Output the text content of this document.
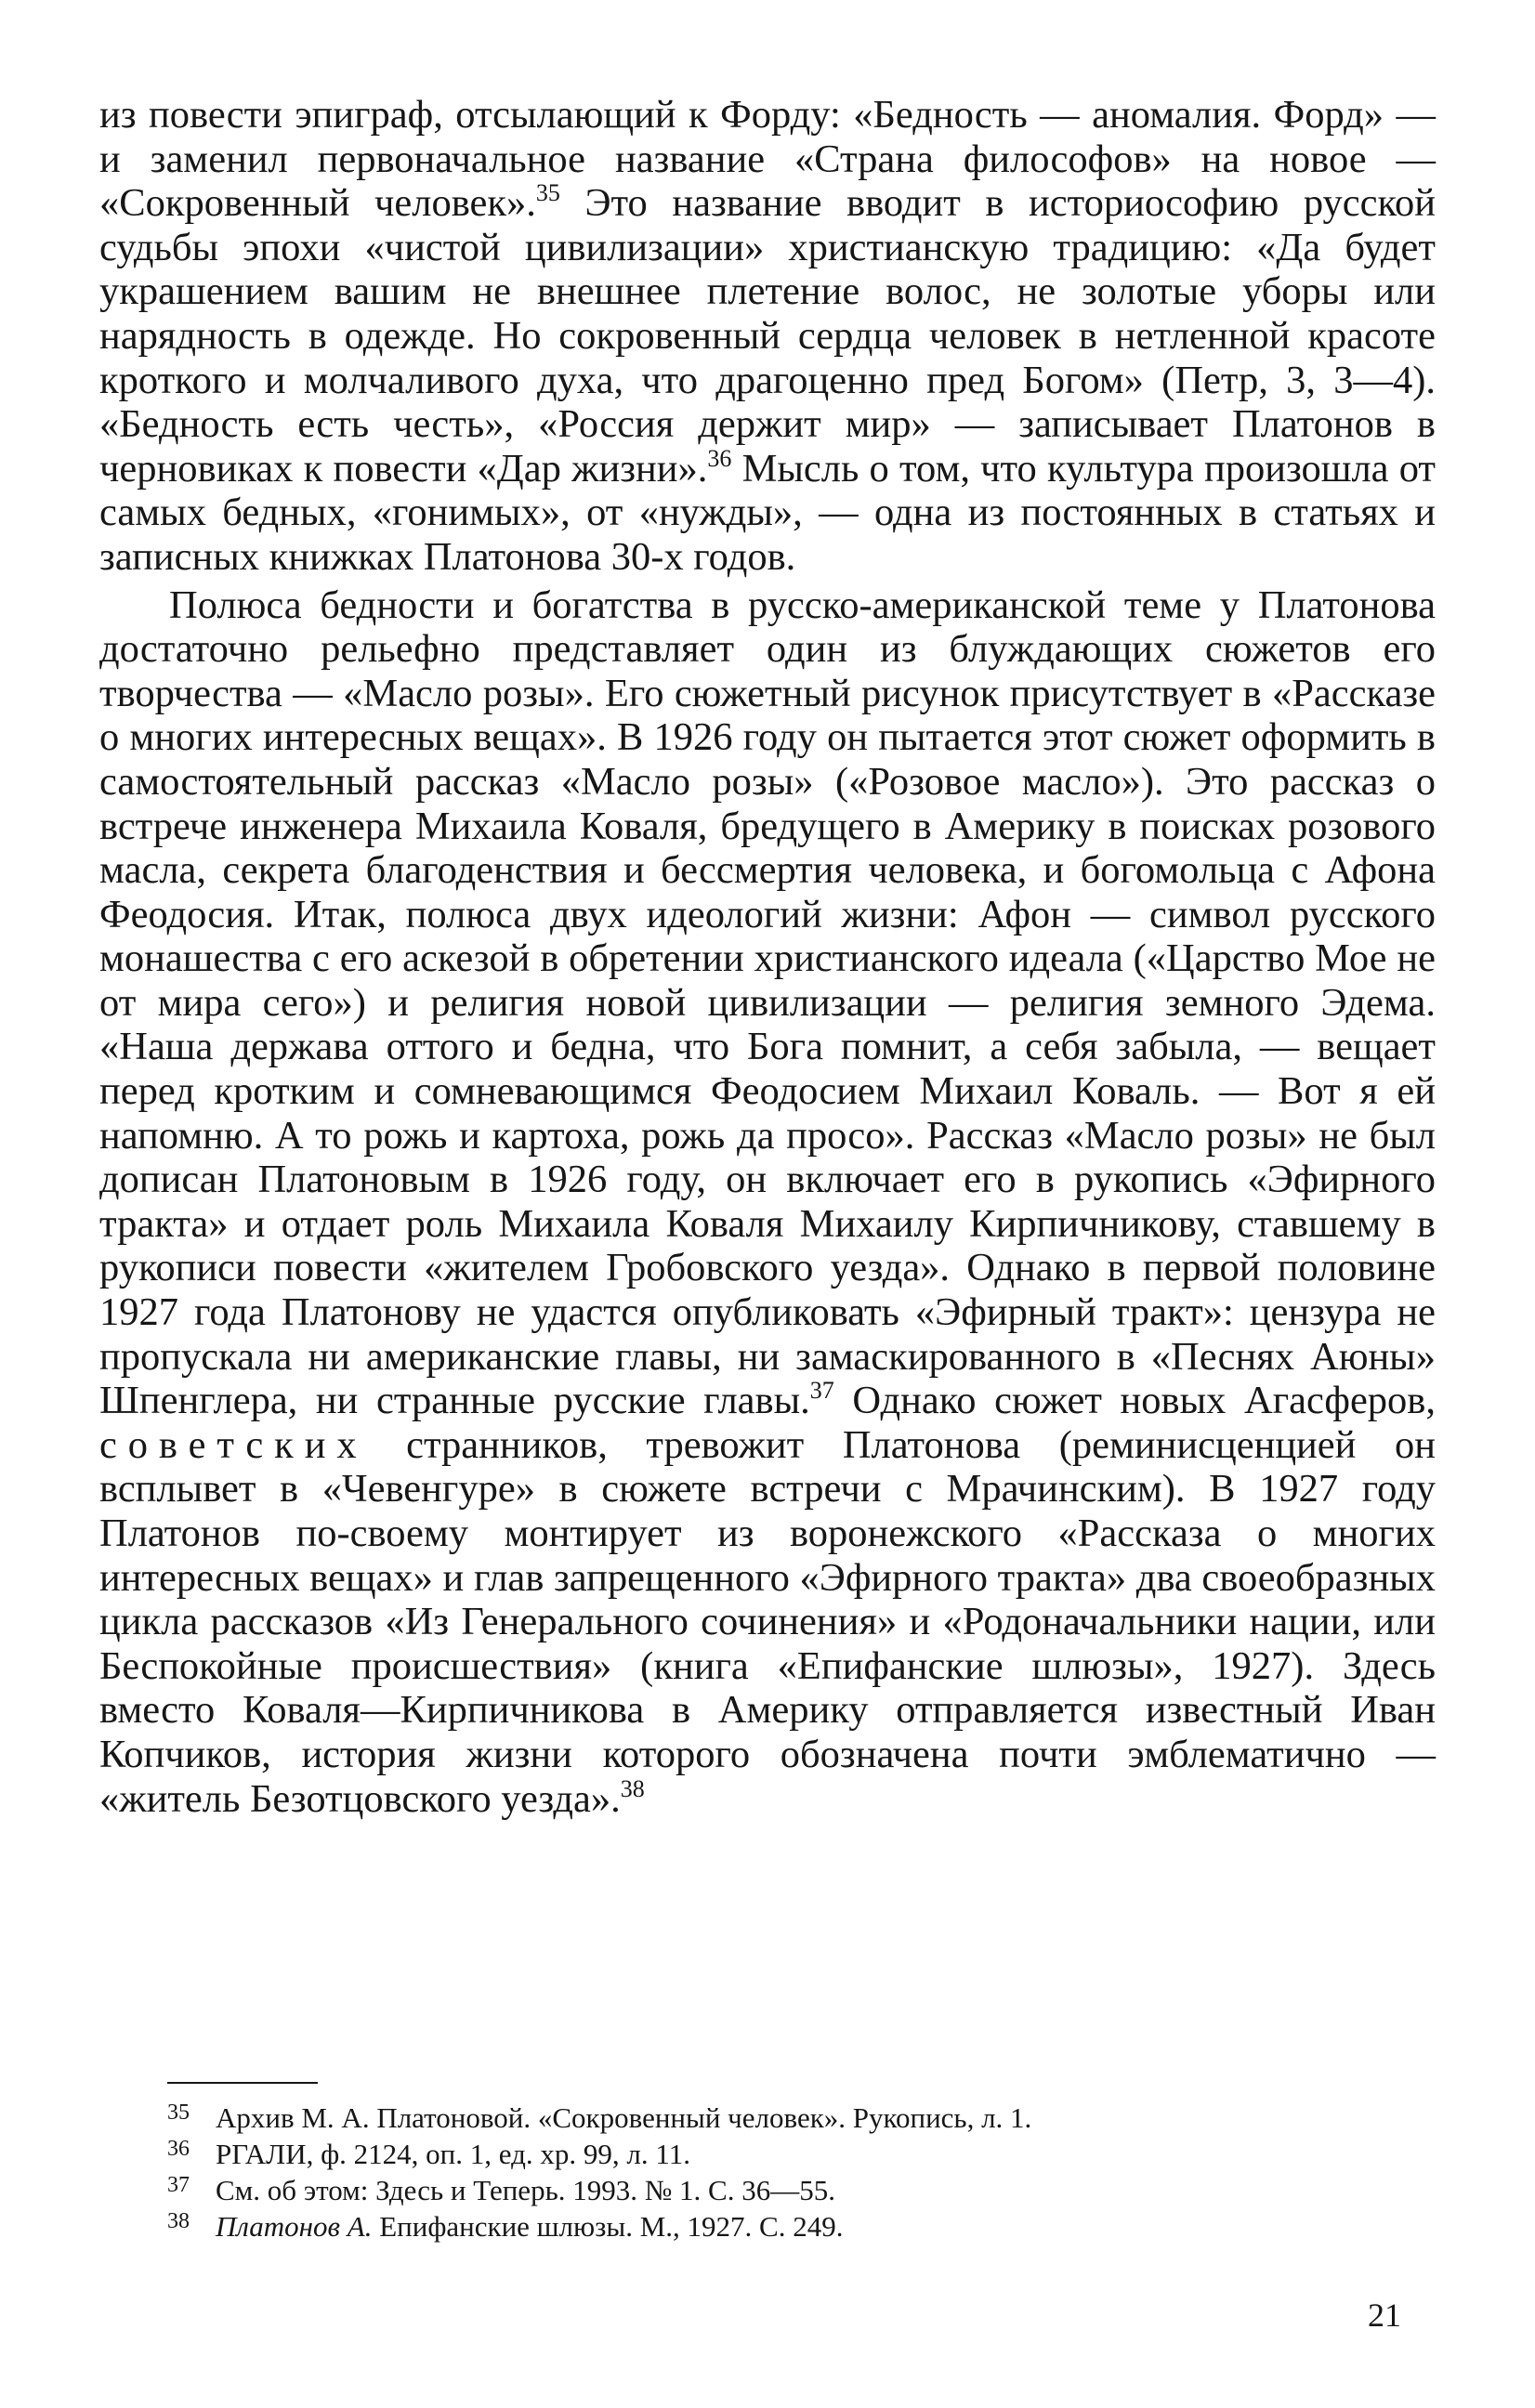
из повести эпиграф, отсылающий к Форду: «Бедность — аномалия. Форд» — и заменил первоначальное название «Страна философов» на новое — «Сокровенный человек».$^{35}$ Это название вводит в историософию русской судьбы эпохи «чистой цивилизации» христианскую традицию: «Да будет украшением вашим не внешнее плетение волос, не золотые уборы или нарядность в одежде. Но сокровенный сердца человек в нетленной красоте кроткого и молчаливого духа, что драгоценно пред Богом» (Петр, 3, 3—4). «Бедность есть честь», «Россия держит мир» — записывает Платонов в черновиках к повести «Дар жизни».$^{36}$ Мысль о том, что культура произошла от самых бедных, «гонимых», от «нужды», — одна из постоянных в статьях и записных книжках Платонова 30-х годов.

Полюса бедности и богатства в русско-американской теме у Платонова достаточно рельефно представляет один из блуждающих сюжетов его творчества — «Масло розы». Его сюжетный рисунок присутствует в «Рассказе о многих интересных вещах». В 1926 году он пытается этот сюжет оформить в самостоятельный рассказ «Масло розы» («Розовое масло»). Это рассказ о встрече инженера Михаила Коваля, бредущего в Америку в поисках розового масла, секрета благоденствия и бессмертия человека, и богомольца с Афона Феодосия. Итак, полюса двух идеологий жизни: Афон — символ русского монашества с его аскезой в обретении христианского идеала («Царство Мое не от мира сего») и религия новой цивилизации — религия земного Эдема. «Наша держава оттого и бедна, что Бога помнит, а себя забыла, — вещает перед кротким и сомневающимся Феодосием Михаил Коваль. — Вот я ей напомню. А то рожь и картоха, рожь да просо». Рассказ «Масло розы» не был дописан Платоновым в 1926 году, он включает его в рукопись «Эфирного тракта» и отдает роль Михаила Коваля Михаилу Кирпичникову, ставшему в рукописи повести «жителем Гробовского уезда». Однако в первой половине 1927 года Платонову не удастся опубликовать «Эфирный тракт»: цензура не пропускала ни американские главы, ни замаскированного в «Песнях Аюны» Шпенглера, ни странные русские главы.$^{37}$ Однако сюжет новых Агасферов, советских странников, тревожит Платонова (реминисценцией он всплывет в «Чевенгуре» в сюжете встречи с Мрачинским). В 1927 году Платонов по-своему монтирует из воронежского «Рассказа о многих интересных вещах» и глав запрещенного «Эфирного тракта» два своеобразных цикла рассказов «Из Генерального сочинения» и «Родоначальники нации, или Беспокойные происшествия» (книга «Епифанские шлюзы», 1927). Здесь вместо Коваля—Кирпичникова в Америку отправляется известный Иван Копчиков, история жизни которого обозначена почти эмблематично — «житель Безотцовского уезда».$^{38}$

35 Архив М. А. Платоновой. «Сокровенный человек». Рукопись, л. 1.
36 РГАЛИ, ф. 2124, оп. 1, ед. хр. 99, л. 11.
37 См. об этом: Здесь и Теперь. 1993. № 1. С. 36—55.
38 Платонов А. Епифанские шлюзы. М., 1927. С. 249.
21
